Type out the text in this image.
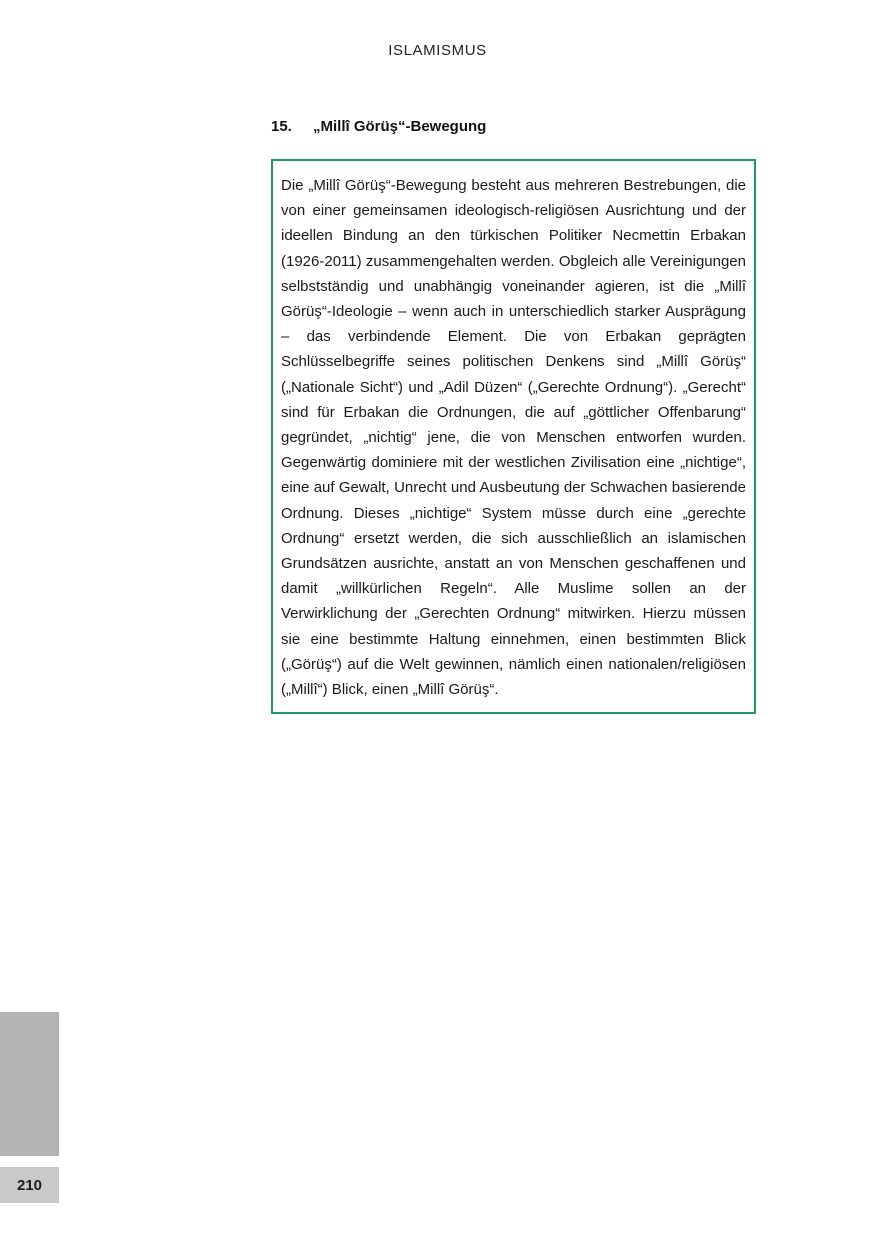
ISLAMISMUS
15. „Millî Görüş“-Bewegung

Die „Millî Görüş“-Bewegung besteht aus mehreren Bestrebungen, die von einer gemeinsamen ideologisch-religiösen Ausrichtung und der ideellen Bindung an den türkischen Politiker Necmettin Erbakan (1926-2011) zusammengehalten werden. Obgleich alle Vereinigungen selbstständig und unabhängig voneinander agieren, ist die „Millî Görüş“-Ideologie – wenn auch in unterschiedlich starker Ausprägung – das verbindende Element. Die von Erbakan geprägten Schlüsselbegriffe seines politischen Denkens sind „Millî Görüş“ („Nationale Sicht“) und „Adil Düzen“ („Gerechte Ordnung“). „Gerecht“ sind für Erbakan die Ordnungen, die auf „göttlicher Offenbarung“ gegründet, „nichtig“ jene, die von Menschen entworfen wurden. Gegenwärtig dominiere mit der westlichen Zivilisation eine „nichtige“, eine auf Gewalt, Unrecht und Ausbeutung der Schwachen basierende Ordnung. Dieses „nichtige“ System müsse durch eine „gerechte Ordnung“ ersetzt werden, die sich ausschließlich an islamischen Grundsätzen ausrichte, anstatt an von Menschen geschaffenen und damit „willkürlichen Regeln“. Alle Muslime sollen an der Verwirklichung der „Gerechten Ordnung“ mitwirken. Hierzu müssen sie eine bestimmte Haltung einnehmen, einen bestimmten Blick („Görüş“) auf die Welt gewinnen, nämlich einen nationalen/religiösen („Millî“) Blick, einen „Millî Görüş“.

210
